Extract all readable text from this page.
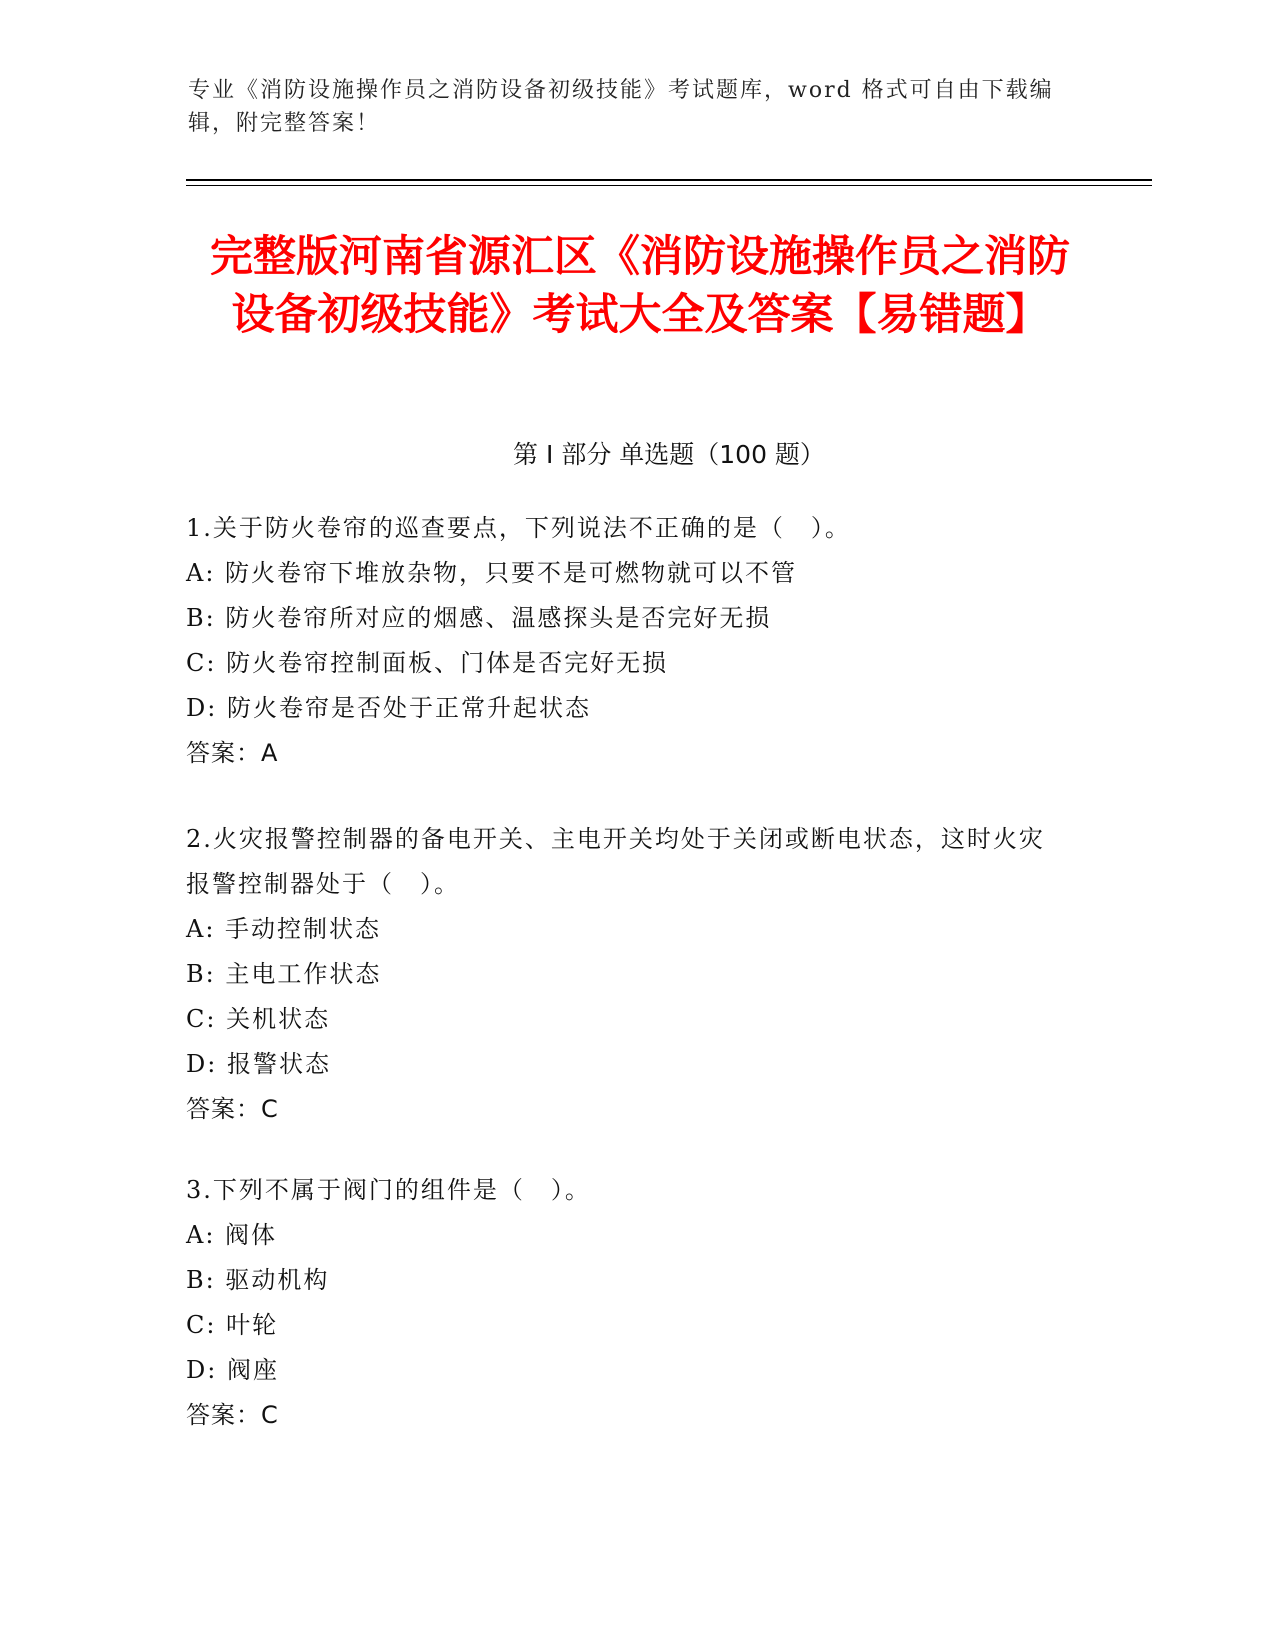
专业《消防设施操作员之消防设备初级技能》考试题库，word 格式可自由下载编辑，附完整答案！
完整版河南省源汇区《消防设施操作员之消防设备初级技能》考试大全及答案【易错题】
第 I 部分 单选题（100 题）

1.关于防火卷帘的巡查要点，下列说法不正确的是（　）。

A: 防火卷帘下堆放杂物，只要不是可燃物就可以不管

B: 防火卷帘所对应的烟感、温感探头是否完好无损

C: 防火卷帘控制面板、门体是否完好无损

D: 防火卷帘是否处于正常升起状态

答案：A

2.火灾报警控制器的备电开关、主电开关均处于关闭或断电状态，这时火灾报警控制器处于（　）。

A: 手动控制状态

B: 主电工作状态

C: 关机状态

D: 报警状态

答案：C

3.下列不属于阀门的组件是（　）。

A: 阀体

B: 驱动机构

C: 叶轮

D: 阀座

答案：C
